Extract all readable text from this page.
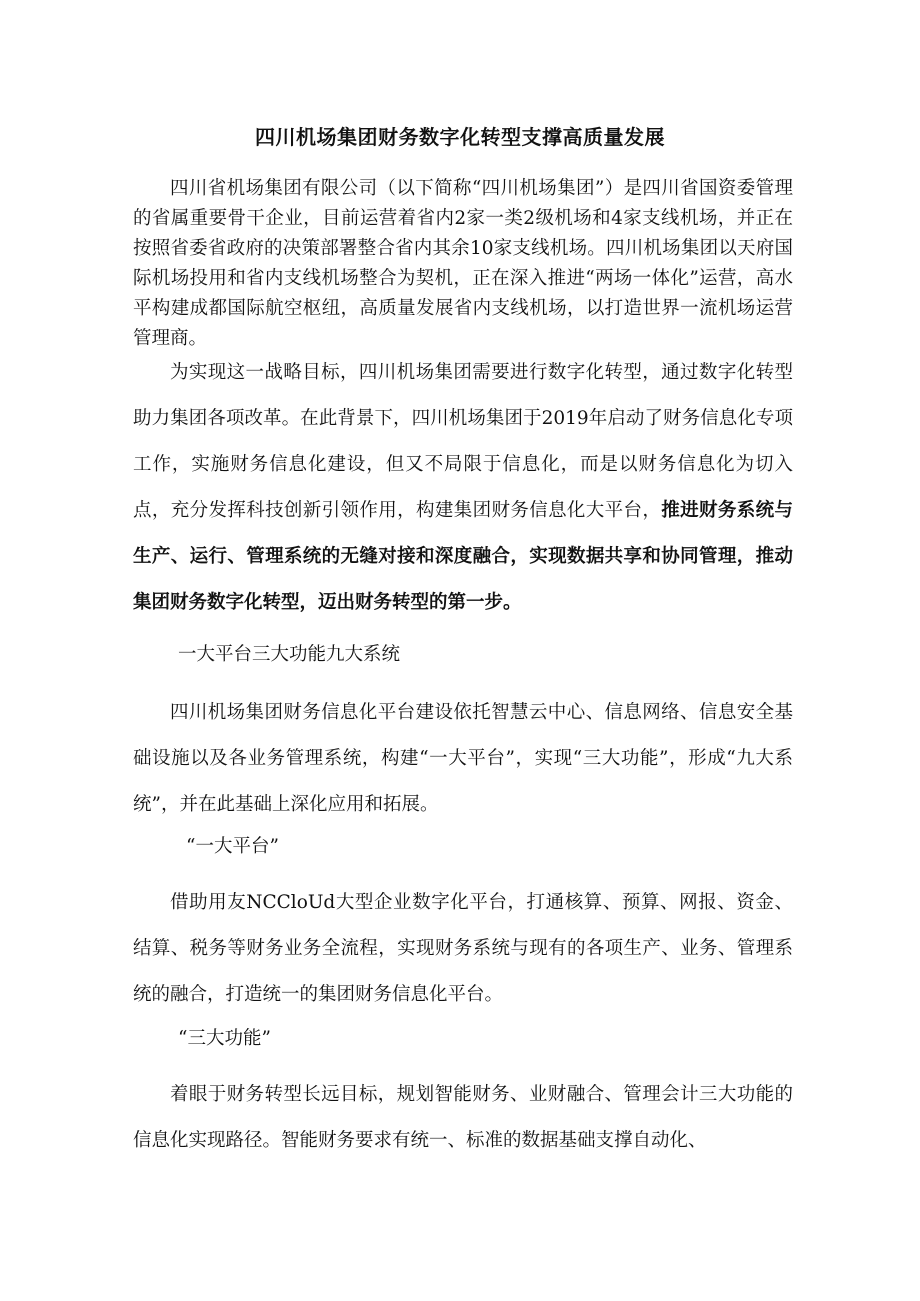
四川机场集团财务数字化转型支撑高质量发展

四川省机场集团有限公司（以下简称“四川机场集团”）是四川省国资委管理的省属重要骨干企业，目前运营着省内2家一类2级机场和4家支线机场，并正在按照省委省政府的决策部署整合省内其余10家支线机场。四川机场集团以天府国际机场投用和省内支线机场整合为契机，正在深入推进“两场一体化”运营，高水平构建成都国际航空枢纽，高质量发展省内支线机场，以打造世界一流机场运营管理商。

为实现这一战略目标，四川机场集团需要进行数字化转型，通过数字化转型助力集团各项改革。在此背景下，四川机场集团于2019年启动了财务信息化专项工作，实施财务信息化建设，但又不局限于信息化，而是以财务信息化为切入点，充分发挥科技创新引领作用，构建集团财务信息化大平台，推进财务系统与生产、运行、管理系统的无缝对接和深度融合，实现数据共享和协同管理，推动集团财务数字化转型，迈出财务转型的第一步。

一大平台三大功能九大系统

四川机场集团财务信息化平台建设依托智慧云中心、信息网络、信息安全基础设施以及各业务管理系统，构建“一大平台”，实现“三大功能”，形成“九大系统”，并在此基础上深化应用和拓展。

“一大平台”

借助用友NCCloUd大型企业数字化平台，打通核算、预算、网报、资金、结算、税务等财务业务全流程，实现财务系统与现有的各项生产、业务、管理系统的融合，打造统一的集团财务信息化平台。

“三大功能”

着眼于财务转型长远目标，规划智能财务、业财融合、管理会计三大功能的信息化实现路径。智能财务要求有统一、标准的数据基础支撑自动化、
